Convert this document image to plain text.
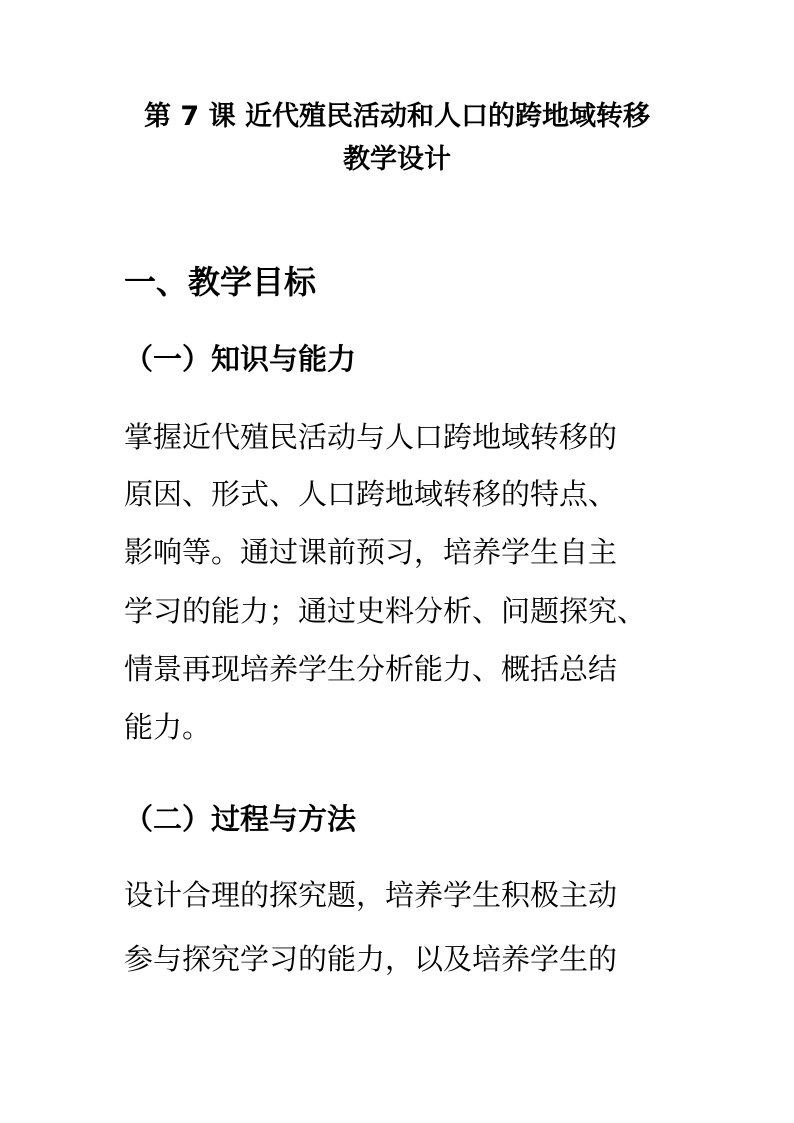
第 7 课 近代殖民活动和人口的跨地域转移
教学设计
一、教学目标
（一）知识与能力
掌握近代殖民活动与人口跨地域转移的
原因、形式、人口跨地域转移的特点、
影响等。通过课前预习，培养学生自主
学习的能力；通过史料分析、问题探究、
情景再现培养学生分析能力、概括总结
能力。
（二）过程与方法
设计合理的探究题，培养学生积极主动
参与探究学习的能力，以及培养学生的
